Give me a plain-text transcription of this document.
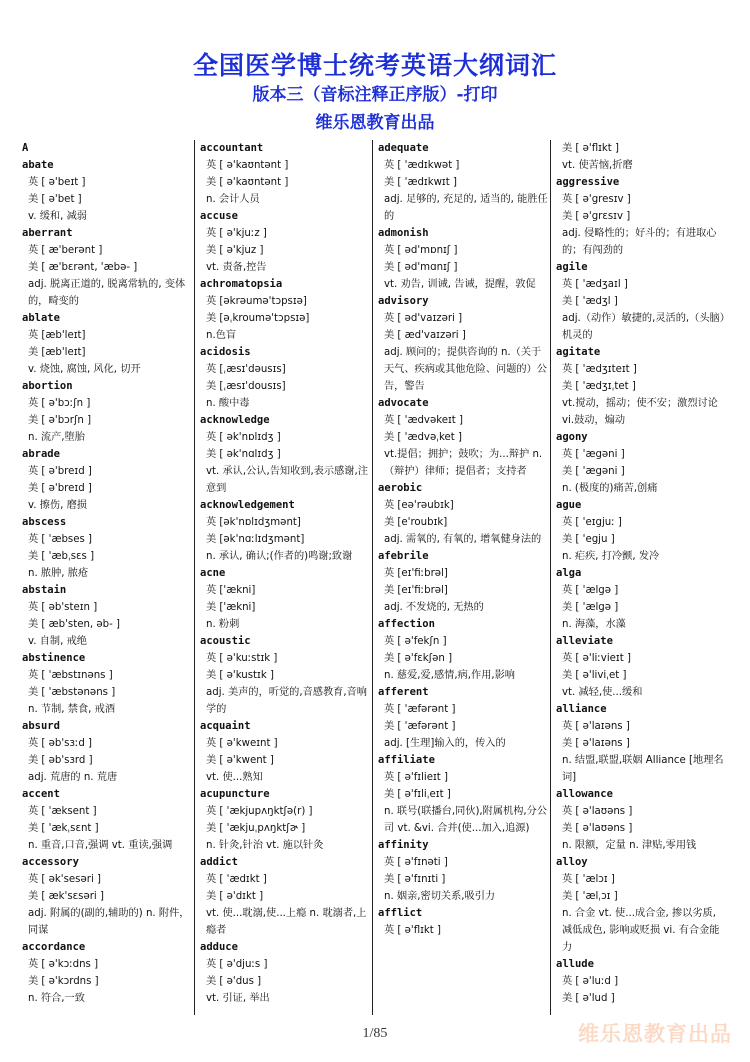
全国医学博士统考英语大纲词汇
版本三（音标注释正序版）-打印
维乐恩教育出品
A
abate
英 [ ə'beɪt ]
美 [ ə'bet ]
v. 缓和, 减弱
aberrant
英 [ æ'berənt ]
美 [ æ'bɛrənt, 'æbə- ]
adj. 脱离正道的, 脱离常轨的, 变体的，畸变的
ablate
英 [æb'leɪt]
美 [æb'leɪt]
v. 烧蚀, 腐蚀, 风化, 切开
abortion
英 [ ə'bɔːʃn ]
美 [ ə'bɔrʃn ]
n. 流产,堕胎
abrade
英 [ ə'breɪd ]
美 [ ə'breɪd ]
v. 擦伤, 磨损
abscess
英 [ 'æbses ]
美 [ 'æbˌsɛs ]
n. 脓肿, 脓疮
abstain
英 [ əb'steɪn ]
美 [ æb'sten, əb- ]
v. 自制, 戒绝
abstinence
英 [ 'æbstɪnəns ]
美 [ 'æbstənəns ]
n. 节制, 禁食, 戒酒
absurd
英 [ əb'sɜːd ]
美 [ əb'sɜrd ]
adj. 荒唐的 n. 荒唐
accent
英 [ 'æksent ]
美 [ 'ækˌsɛnt ]
n. 重音,口音,强调 vt. 重读,强调
accessory
英 [ ək'sesəri ]
美 [ æk'sɛsəri ]
adj. 附属的(副的,辅助的) n. 附件，同谋
accordance
英 [ ə'kɔːdns ]
美 [ ə'kɔrdns ]
n. 符合,一致
accountant
英 [ ə'kaʊntənt ]
美 [ ə'kaʊntənt ]
n. 会计人员
accuse
英 [ ə'kjuːz ]
美 [ ə'kjuz ]
vt. 责备,控告
achromatopsia
英 [əkrəumə'tɔpsɪə]
美 [əˌkroumə'tɔpsɪə]
n.色盲
acidosis
英 [ˌæsɪ'dəusɪs]
美 [ˌæsɪ'dousɪs]
n. 酸中毒
acknowledge
英 [ ək'nɒlɪdʒ ]
美 [ ək'nɑlɪdʒ ]
vt. 承认,公认,告知收到,表示感谢,注意到
acknowledgement
英 [ək'nɒlɪdʒmənt]
美 [ək'nɑːlɪdʒmənt]
n. 承认, 确认;(作者的)鸣谢;致谢
acne
英 ['ækni]
美 ['ækni]
n. 粉刺
acoustic
英 [ ə'kuːstɪk ]
美 [ ə'kustɪk ]
adj. 美声的，听觉的,音感教育,音响学的
acquaint
英 [ ə'kweɪnt ]
美 [ ə'kwent ]
vt. 使...熟知
acupuncture
英 [ 'ækjupʌŋktʃə(r) ]
美 [ 'ækjuˌpʌŋktʃɚ ]
n. 针灸,针治 vt. 施以针灸
addict
英 [ 'ædɪkt ]
美 [ ə'dɪkt ]
vt. 使...耽溺,使...上瘾 n. 耽溺者,上瘾者
adduce
英 [ ə'djuːs ]
美 [ ə'dus ]
vt. 引证, 举出
adequate
英 [ 'ædɪkwət ]
美 [ 'ædɪkwɪt ]
adj. 足够的, 充足的, 适当的, 能胜任的
admonish
英 [ əd'mɒnɪʃ ]
美 [ əd'mɑnɪʃ ]
vt. 劝告, 训诫, 告诫，提醒，敦促
advisory
英 [ əd'vaɪzəri ]
美 [ æd'vaɪzəri ]
adj. 顾问的；提供咨询的 n.（关于天气、疾病或其他危险、问题的）公告，警告
advocate
英 [ 'ædvəkeɪt ]
美 [ 'ædvəˌket ]
vt.提倡；拥护；鼓吹；为...辩护 n.（辩护）律师；提倡者；支持者
aerobic
英 [eə'rəubɪk]
美 [e'roubɪk]
adj. 需氧的, 有氧的, 增氧健身法的
afebrile
英 [eɪ'fiːbrəl]
美 [eɪ'fiːbrəl]
adj. 不发烧的, 无热的
affection
英 [ ə'fekʃn ]
美 [ ə'fɛkʃən ]
n. 慈爱,爱,感情,病,作用,影响
afferent
英 [ 'æfərənt ]
美 [ 'æfərənt ]
adj. [生理]输入的，传入的
affiliate
英 [ ə'fɪlieɪt ]
美 [ ə'fɪliˌeɪt ]
n. 联号(联播台,同伙),附属机构,分公司 vt. &vi. 合并(使...加入,追源)
affinity
英 [ ə'fɪnəti ]
美 [ ə'fɪnɪti ]
n. 姻亲,密切关系,吸引力
afflict
英 [ ə'flɪkt ]
美 [ ə'flɪkt ]
vt. 使苦恼,折磨
aggressive
英 [ ə'gresɪv ]
美 [ ə'grɛsɪv ]
adj. 侵略性的；好斗的；有进取心的；有闯劲的
agile
英 [ 'ædʒaɪl ]
美 [ 'ædʒl ]
adj.（动作）敏捷的,灵活的,（头脑）机灵的
agitate
英 [ 'ædʒɪteɪt ]
美 [ 'ædʒɪˌtet ]
vt.搅动，摇动；使不安；激烈讨论 vi.鼓动，煽动
agony
英 [ 'ægəni ]
美 [ 'ægəni ]
n. (极度的)痛苦,创痛
ague
英 [ 'eɪgjuː ]
美 [ 'egju ]
n. 疟疾, 打冷颤, 发冷
alga
英 [ 'ælgə ]
美 [ 'ælgə ]
n. 海藻，水藻
alleviate
英 [ ə'liːvieɪt ]
美 [ ə'liviˌet ]
vt. 减轻,使...缓和
alliance
英 [ ə'laɪəns ]
美 [ ə'laɪəns ]
n. 结盟,联盟,联姻 Alliance [地理名词]
allowance
英 [ ə'laʊəns ]
美 [ ə'laʊəns ]
n. 限额，定量 n. 津贴,零用钱
alloy
英 [ 'ælɔɪ ]
美 [ 'ælˌɔɪ ]
n. 合金 vt. 使...成合金, 掺以劣质, 减低成色, 影响或贬损 vi. 有合金能力
allude
英 [ ə'luːd ]
美 [ ə'lud ]
1/85	维乐恩教育出品
